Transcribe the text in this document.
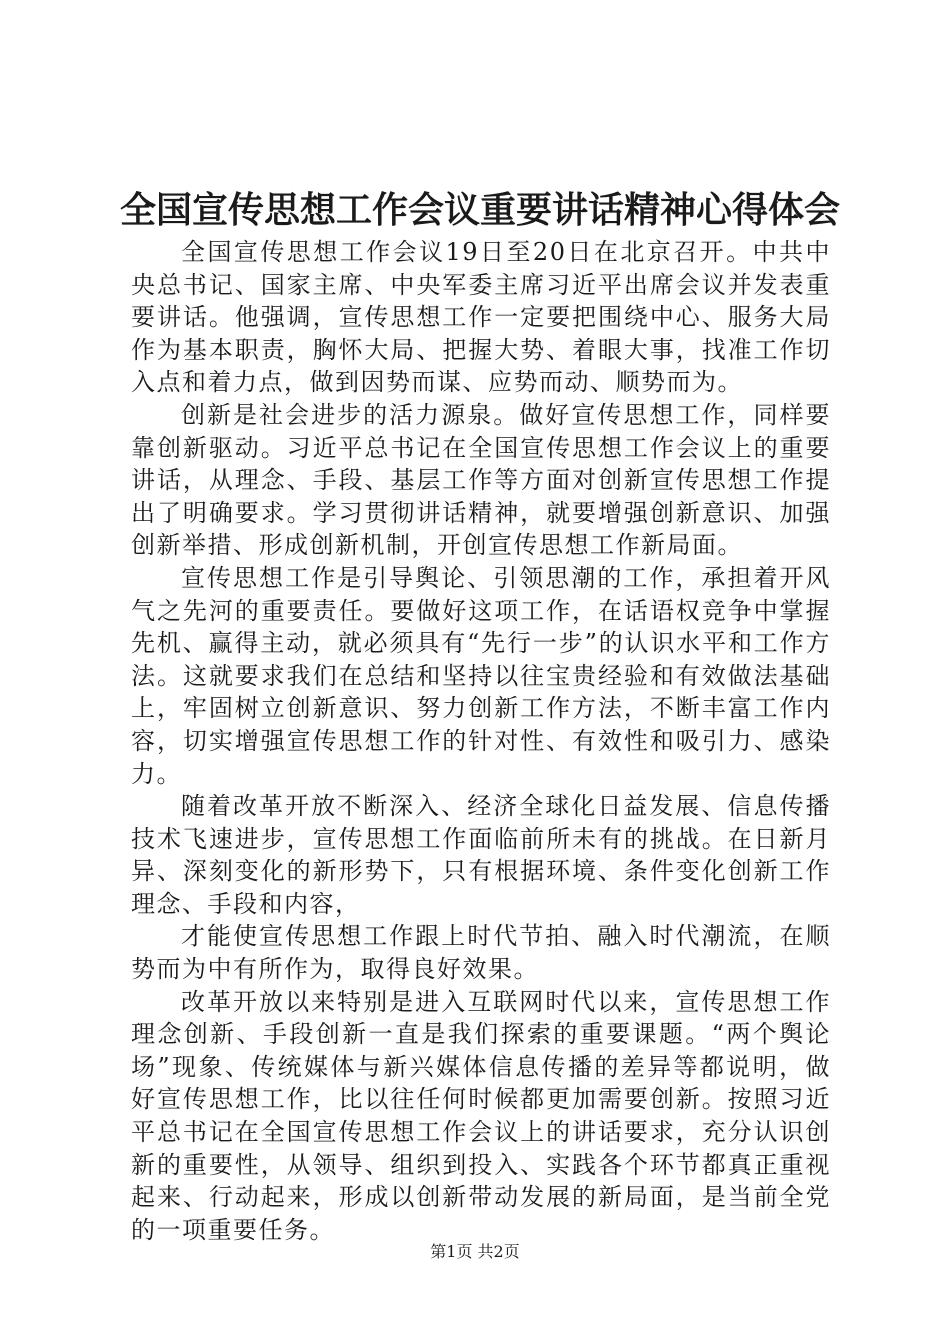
全国宣传思想工作会议重要讲话精神心得体会

全国宣传思想工作会议19日至20日在北京召开。中共中央总书记、国家主席、中央军委主席习近平出席会议并发表重要讲话。他强调，宣传思想工作一定要把围绕中心、服务大局作为基本职责，胸怀大局、把握大势、着眼大事，找准工作切入点和着力点，做到因势而谋、应势而动、顺势而为。

创新是社会进步的活力源泉。做好宣传思想工作，同样要靠创新驱动。习近平总书记在全国宣传思想工作会议上的重要讲话，从理念、手段、基层工作等方面对创新宣传思想工作提出了明确要求。学习贯彻讲话精神，就要增强创新意识、加强创新举措、形成创新机制，开创宣传思想工作新局面。

宣传思想工作是引导舆论、引领思潮的工作，承担着开风气之先河的重要责任。要做好这项工作，在话语权竞争中掌握先机、赢得主动，就必须具有“先行一步”的认识水平和工作方法。这就要求我们在总结和坚持以往宝贵经验和有效做法基础上，牢固树立创新意识、努力创新工作方法，不断丰富工作内容，切实增强宣传思想工作的针对性、有效性和吸引力、感染力。

随着改革开放不断深入、经济全球化日益发展、信息传播技术飞速进步，宣传思想工作面临前所未有的挑战。在日新月异、深刻变化的新形势下，只有根据环境、条件变化创新工作理念、手段和内容，

才能使宣传思想工作跟上时代节拍、融入时代潮流，在顺势而为中有所作为，取得良好效果。

改革开放以来特别是进入互联网时代以来，宣传思想工作理念创新、手段创新一直是我们探索的重要课题。“两个舆论场”现象、传统媒体与新兴媒体信息传播的差异等都说明，做好宣传思想工作，比以往任何时候都更加需要创新。按照习近平总书记在全国宣传思想工作会议上的讲话要求，充分认识创新的重要性，从领导、组织到投入、实践各个环节都真正重视起来、行动起来，形成以创新带动发展的新局面，是当前全党的一项重要任务。

第1页 共2页
